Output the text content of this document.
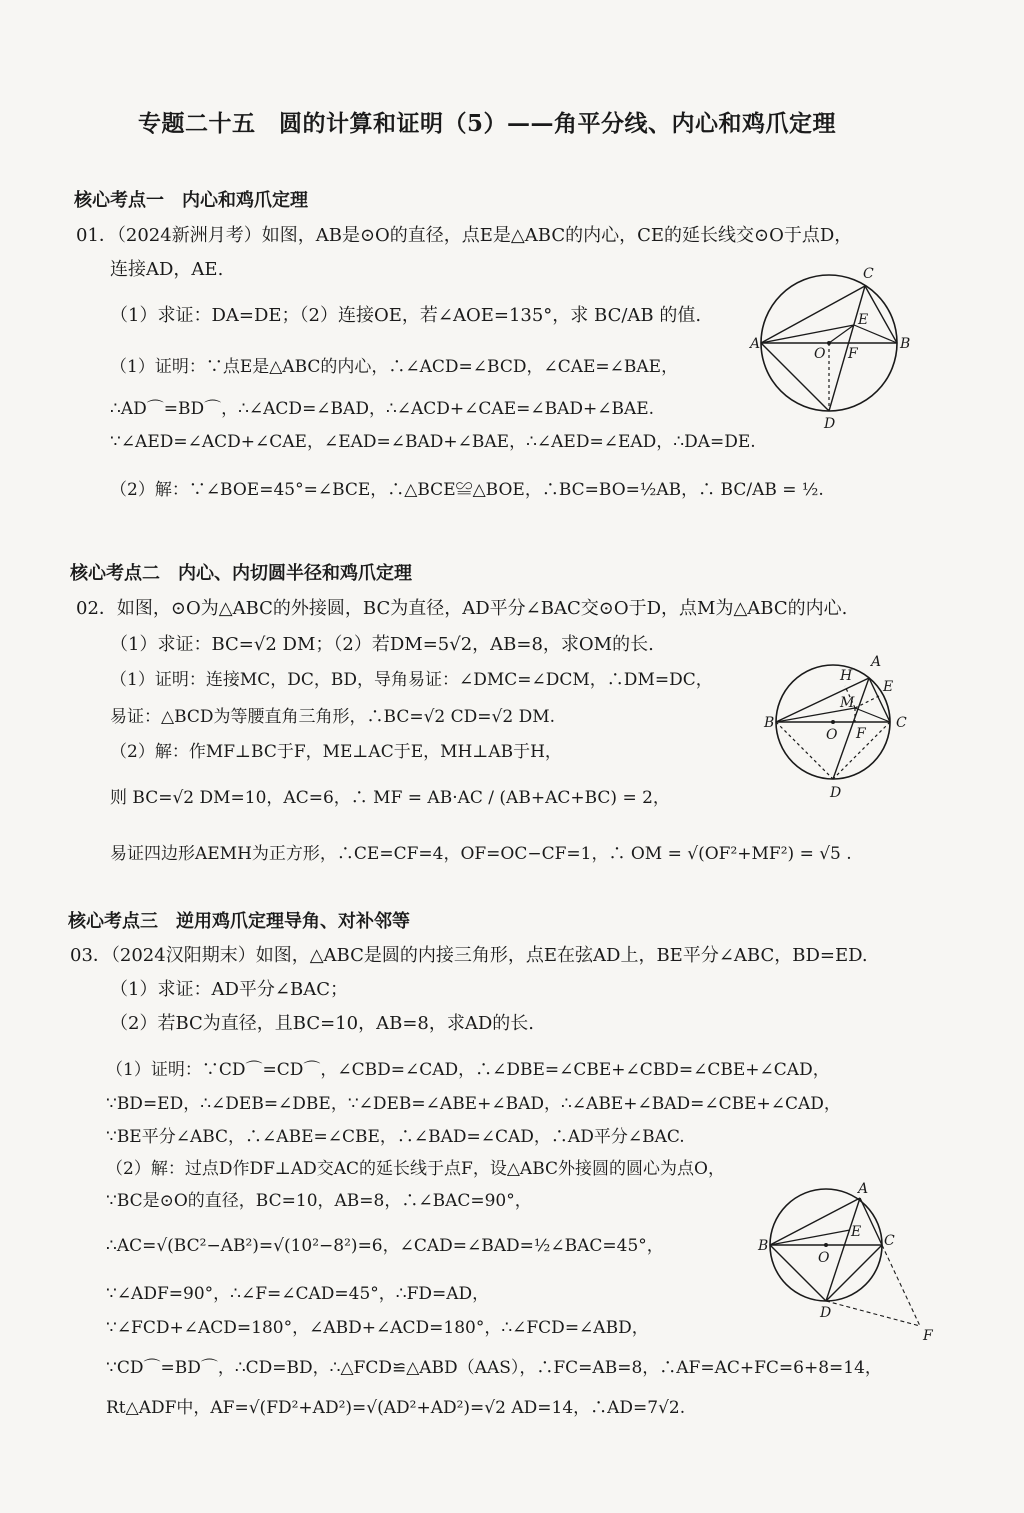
专题二十五　圆的计算和证明（5）——角平分线、内心和鸡爪定理
核心考点一　内心和鸡爪定理
01．（2024新洲月考）如图，AB是⊙O的直径，点E是△ABC的内心，CE的延长线交⊙O于点D，
连接AD，AE.
（1）求证：DA=DE；（2）连接OE，若∠AOE=135°，求 BC/AB 的值.
（1）证明：∵点E是△ABC的内心，∴∠ACD=∠BCD，∠CAE=∠BAE，
∴AD⌒=BD⌒，∴∠ACD=∠BAD，∴∠ACD+∠CAE=∠BAD+∠BAE.
∵∠AED=∠ACD+∠CAE，∠EAD=∠BAD+∠BAE，∴∠AED=∠EAD，∴DA=DE.
（2）解：∵∠BOE=45°=∠BCE，∴△BCE≌△BOE，∴BC=BO=½AB，∴ BC/AB = ½.
C
A	B
E
O F
D
核心考点二　内心、内切圆半径和鸡爪定理
02．如图，⊙O为△ABC的外接圆，BC为直径，AD平分∠BAC交⊙O于D，点M为△ABC的内心.
（1）求证：BC=√2 DM；（2）若DM=5√2，AB=8，求OM的长.
（1）证明：连接MC，DC，BD，导角易证：∠DMC=∠DCM，∴DM=DC，
易证：△BCD为等腰直角三角形，∴BC=√2 CD=√2 DM.
（2）解：作MF⊥BC于F，ME⊥AC于E，MH⊥AB于H，
则 BC=√2 DM=10，AC=6，∴ MF = AB·AC / (AB+AC+BC) = 2，
易证四边形AEMH为正方形，∴CE=CF=4，OF=OC−CF=1，∴ OM = √(OF²+MF²) = √5 .
A
H
E
M
B
O F
C
D
核心考点三　逆用鸡爪定理导角、对补邻等
03．（2024汉阳期末）如图，△ABC是圆的内接三角形，点E在弦AD上，BE平分∠ABC，BD=ED.
（1）求证：AD平分∠BAC；
（2）若BC为直径，且BC=10，AB=8，求AD的长.
（1）证明：∵CD⌒=CD⌒，∠CBD=∠CAD，∴∠DBE=∠CBE+∠CBD=∠CBE+∠CAD，
∵BD=ED，∴∠DEB=∠DBE，∵∠DEB=∠ABE+∠BAD，∴∠ABE+∠BAD=∠CBE+∠CAD，
∵BE平分∠ABC，∴∠ABE=∠CBE，∴∠BAD=∠CAD，∴AD平分∠BAC.
（2）解：过点D作DF⊥AD交AC的延长线于点F，设△ABC外接圆的圆心为点O，
∵BC是⊙O的直径，BC=10，AB=8，∴∠BAC=90°，
∴AC=√(BC²−AB²)=√(10²−8²)=6，∠CAD=∠BAD=½∠BAC=45°，
∵∠ADF=90°，∴∠F=∠CAD=45°，∴FD=AD，
∵∠FCD+∠ACD=180°，∠ABD+∠ACD=180°，∴∠FCD=∠ABD，
∵CD⌒=BD⌒，∴CD=BD，∴△FCD≌△ABD（AAS），∴FC=AB=8，∴AF=AC+FC=6+8=14，
Rt△ADF中，AF=√(FD²+AD²)=√(AD²+AD²)=√2 AD=14，∴AD=7√2.
A
B
E
O
C
D
F
